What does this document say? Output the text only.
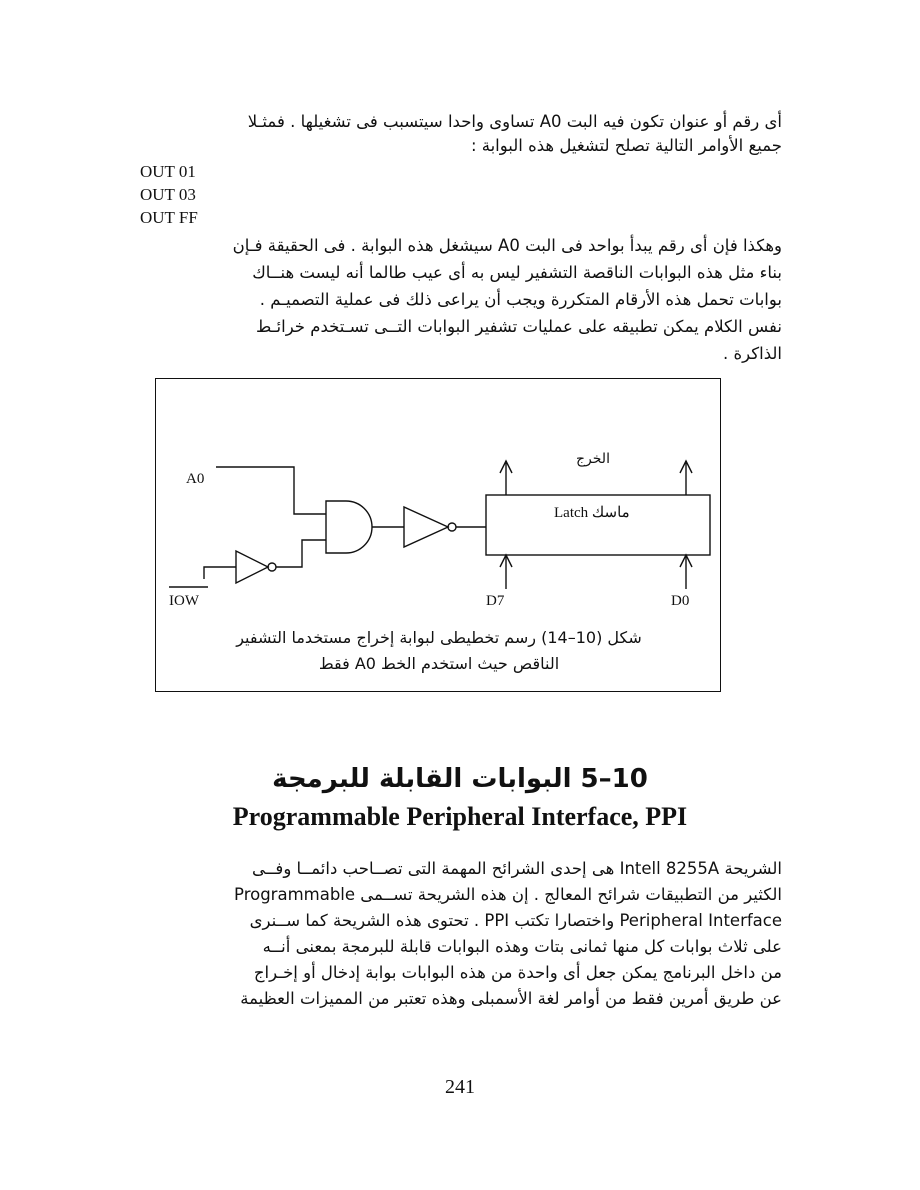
أى رقم أو عنوان تكون فيه البت A0 تساوى واحدا سيتسبب فى تشغيلها . فمثـلا

جميع الأوامر التالية تصلح لتشغيل هذه البوابة :

OUT 01
OUT 03
OUT FF

وهكذا فإن أى رقم يبدأ بواحد فى البت A0 سيشغل هذه البوابة . فى الحقيقة فـإن

بناء مثل هذه البوابات الناقصة التشفير ليس به أى عيب طالما أنه ليست هنــاك

بوابات تحمل هذه الأرقام المتكررة ويجب أن يراعى ذلك فى عملية التصميـم .

نفس الكلام يمكن تطبيقه على عمليات تشفير البوابات التــى تسـتخدم خرائـط

الذاكرة .

A0
IOW
الخرج
Latch ماسك
D7	D0
شكل (10–14) رسم تخطيطى لبوابة إخراج مستخدما التشفير
الناقص حيث استخدم الخط A0 فقط
10–5 البوابات القابلة للبرمجة
Programmable Peripheral Interface, PPI

الشريحة Intell 8255A هى إحدى الشرائح المهمة التى تصــاحب دائمــا وفــى

الكثير من التطبيقات شرائح المعالج . إن هذه الشريحة تســمى Programmable

Peripheral Interface واختصارا تكتب PPI . تحتوى هذه الشريحة كما ســنرى

على ثلاث بوابات كل منها ثمانى بتات وهذه البوابات قابلة للبرمجة بمعنى أنــه

من داخل البرنامج يمكن جعل أى واحدة من هذه البوابات بوابة إدخال أو إخـراج

عن طريق أمرين فقط من أوامر لغة الأسمبلى وهذه تعتبر من المميزات العظيمة

241
